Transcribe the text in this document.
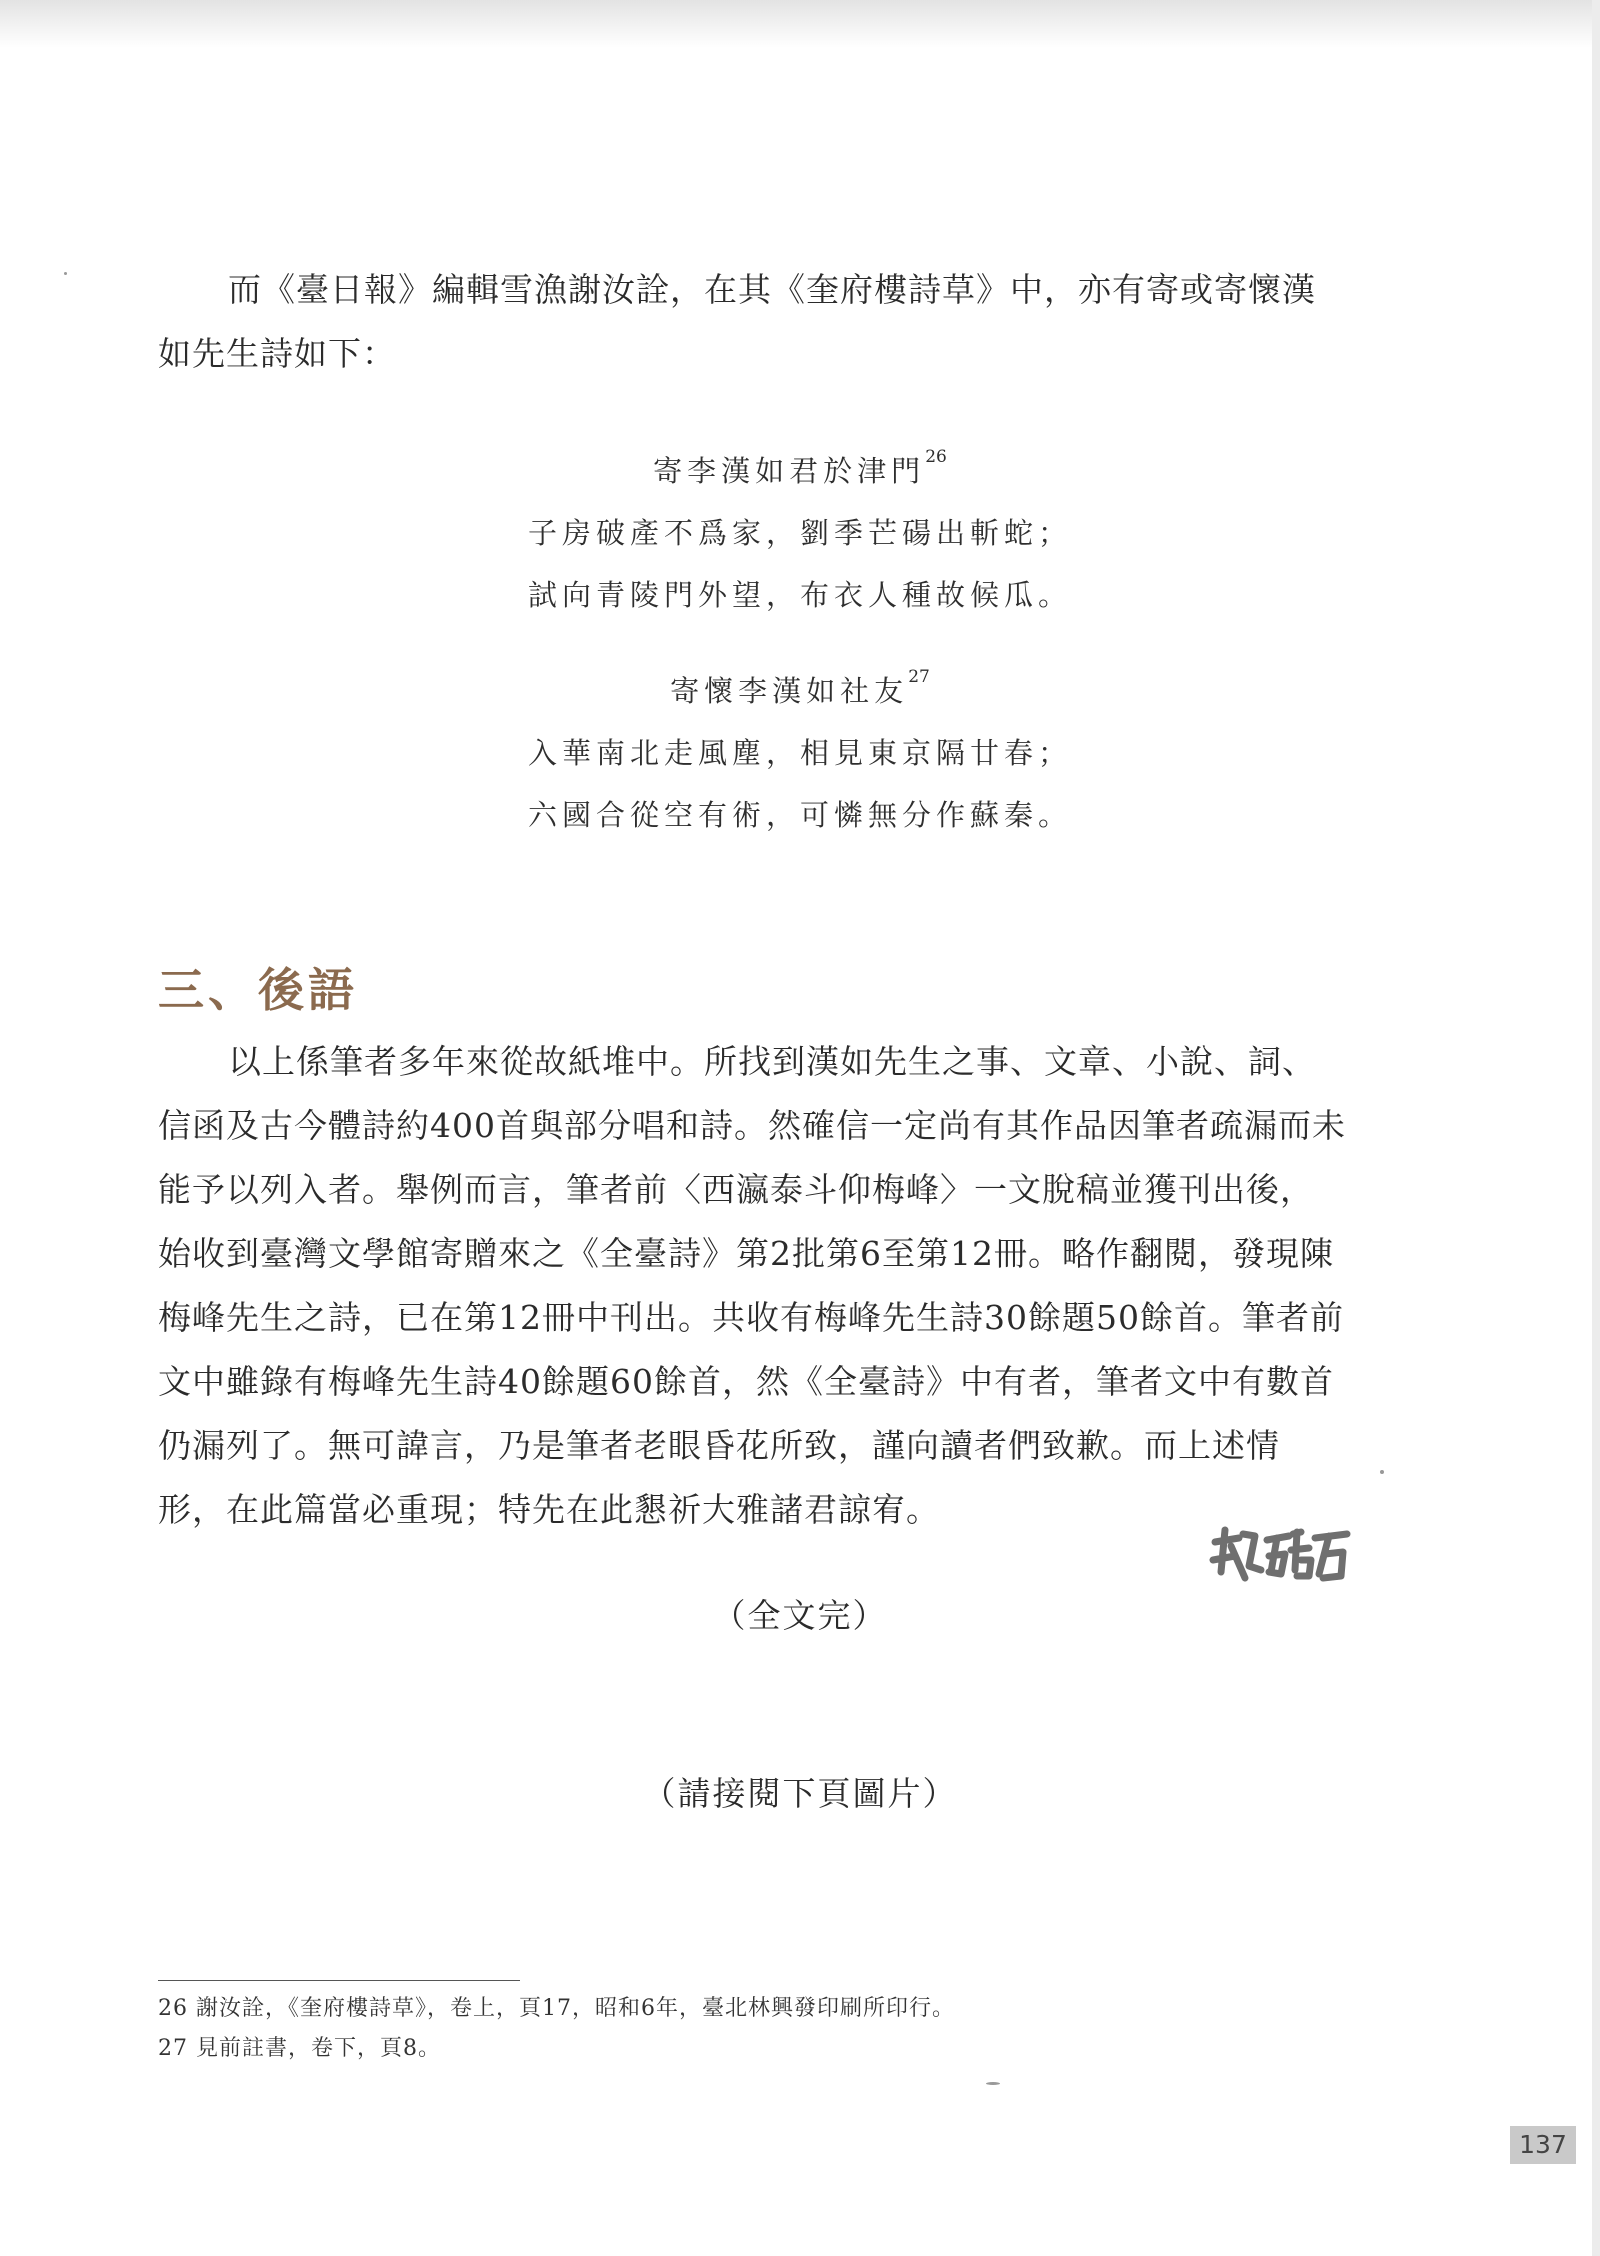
而《臺日報》編輯雪漁謝汝詮，在其《奎府樓詩草》中，亦有寄或寄懷漢
如先生詩如下：
寄李漢如君於津門$^{26}$
子房破產不爲家，劉季芒碭出斬蛇；
試向青陵門外望，布衣人種故候瓜。
寄懷李漢如社友$^{27}$
入華南北走風塵，相見東京隔廿春；
六國合從空有術，可憐無分作蘇秦。
三、後語
以上係筆者多年來從故紙堆中。所找到漢如先生之事、文章、小說、詞、
信函及古今體詩約400首與部分唱和詩。然確信一定尚有其作品因筆者疏漏而未
能予以列入者。舉例而言，筆者前〈西瀛泰斗仰梅峰〉一文脫稿並獲刊出後，
始收到臺灣文學館寄贈來之《全臺詩》第2批第6至第12冊。略作翻閱，發現陳
梅峰先生之詩，已在第12冊中刊出。共收有梅峰先生詩30餘題50餘首。筆者前
文中雖錄有梅峰先生詩40餘題60餘首，然《全臺詩》中有者，筆者文中有數首
仍漏列了。無可諱言，乃是筆者老眼昏花所致，謹向讀者們致歉。而上述情
形，在此篇當必重現；特先在此懇祈大雅諸君諒宥。
（全文完）
（請接閱下頁圖片）
26 謝汝詮，《奎府樓詩草》，卷上，頁17，昭和6年，臺北林興發印刷所印行。
27 見前註書，卷下，頁8。
137
